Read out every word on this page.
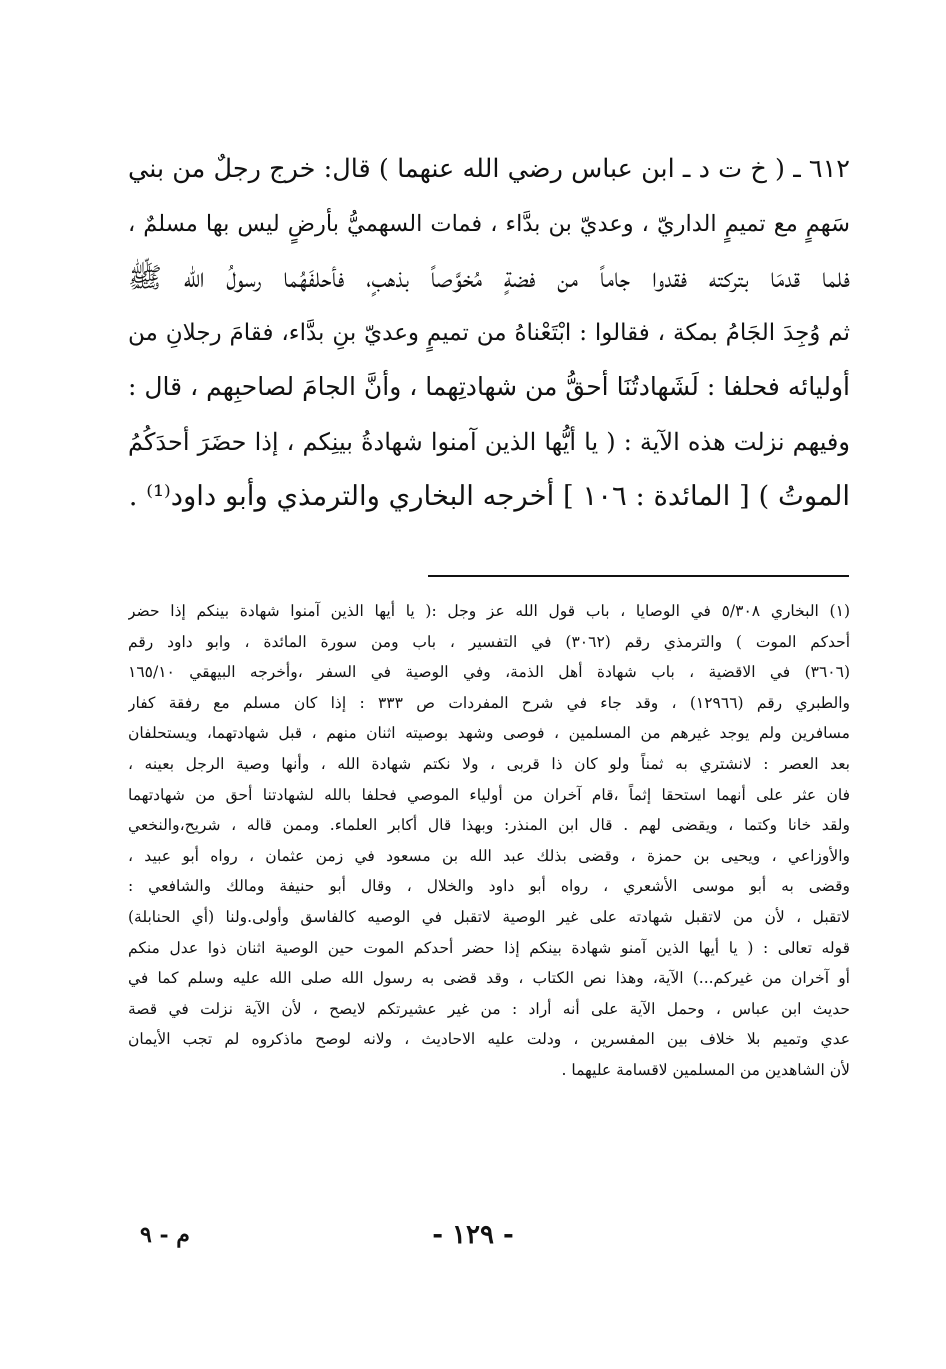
٦١٢ ـ ( خ ت د ـ ابن عباس رضي الله عنهما ) قال: خرج رجلٌ من بني
سَهمٍ مع تميمٍ الداريّ ، وعديّ بن بدَّاء ، فمات السهميُّ بأرضٍ ليس بها مسلمٌ ،
فلما قدمَا بتركته فقدوا جاماً من فضةٍ مُخوَّصاً بذهبٍ، فأحلفَهُما رسولُ الله ﷺ
ثم وُجِدَ الجَامُ بمكة ، فقالوا : ابْتَعْناهُ من تميمٍ وعديّ بنِ بدَّاء، فقامَ رجلانِ من
أوليائه فحلفا : لَشَهادتُنَا أحقُّ من شهادتِهما ، وأنَّ الجامَ لصاحبِهم ، قال :
وفيهم نزلت هذه الآية : ( يا أيُّها الذين آمنوا شهادةُ بينِكم ، إذا حضَرَ أحدَكُمُ
الموتُ ) [ المائدة : ١٠٦ ] أخرجه البخاري والترمذي وأبو داود⁽¹⁾ .
(١) البخاري ٥/٣٠٨ في الوصايا ، باب قول الله عز وجل :( يا أيها الذين آمنوا شهادة بينكم إذا حضر
أحدكم الموت ) والترمذي رقم (٣٠٦٢) في التفسير ، باب ومن سورة المائدة ، وابو داود رقم
(٣٦٠٦) في الاقضية ، باب شهادة أهل الذمة، وفي الوصية في السفر ،وأخرجه البيهقي ١٦٥/١٠
والطبري رقم (١٢٩٦٦) ، وقد جاء في شرح المفردات ص ٣٣٣ : إذا كان مسلم مع رفقة كفار
مسافرين ولم يوجد غيرهم من المسلمين ، فوصى وشهد بوصيته اثنان منهم ، قبل شهادتهما، ويستحلفان
بعد العصر : لانشتري به ثمناً ولو كان ذا قربى ، ولا نكتم شهادة الله ، وأنها وصية الرجل بعينه ،
فان عثر على أنهما استحقا إثماً ،قام آخران من أولياء الموصي فحلفا بالله لشهادتنا أحق من شهادتهما
ولقد خانا وكتما ، ويقضى لهم . قال ابن المنذر: وبهذا قال أكابر العلماء. وممن قاله ، شريح،والنخعي
والأوزاعي ، ويحيى بن حمزة ، وقضى بذلك عبد الله بن مسعود في زمن عثمان ، رواه أبو عبيد ،
وقضى به أبو موسى الأشعري ، رواه أبو داود والخلال ، وقال أبو حنيفة ومالك والشافعي :
لاتقبل ، لأن من لاتقبل شهادته على غير الوصية لاتقبل في الوصيه كالفاسق وأولى.ولنا (أي الحنابلة)
قوله تعالى : ( يا أيها الذين آمنو شهادة بينكم إذا حضر أحدكم الموت حين الوصية اثنان ذوا عدل منكم
أو آخران من غيركم...) الآية، وهذا نص الكتاب ، وقد قضى به رسول الله صلى الله عليه وسلم كما في
حديث ابن عباس ، وحمل الآية على أنه أراد : من غير عشيرتكم لايصح ، لأن الآية نزلت في قصة
عدي وتميم بلا خلاف بين المفسرين ، ودلت عليه الاحاديث ، ولانه لوصح ماذكروه لم تجب الأيمان
لأن الشاهدين من المسلمين لاقسامة عليهما .
- ١٢٩ -
م - ٩
